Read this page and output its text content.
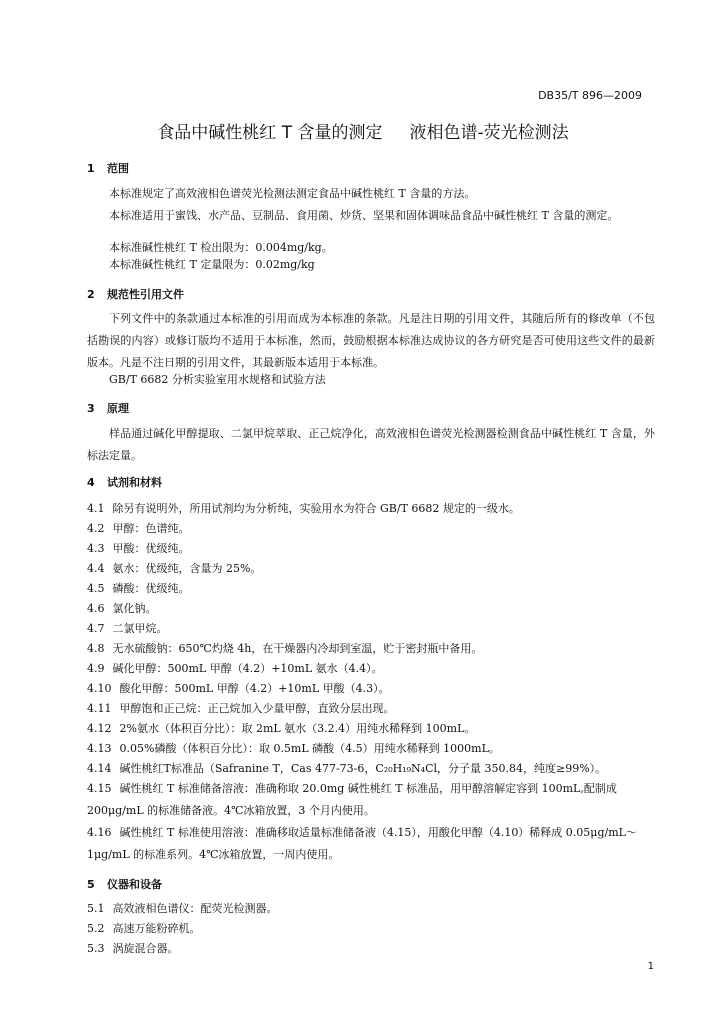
DB35/T 896—2009
食品中碱性桃红 T 含量的测定     液相色谱-荧光检测法
1 范围
本标准规定了高效液相色谱荧光检测法测定食品中碱性桃红 T 含量的方法。
本标准适用于蜜饯、水产品、豆制品、食用菌、炒货、坚果和固体调味品食品中碱性桃红 T 含量的测定。
本标准碱性桃红 T 检出限为：0.004mg/kg。
本标准碱性桃红 T 定量限为：0.02mg/kg
2 规范性引用文件
下列文件中的条款通过本标准的引用而成为本标准的条款。凡是注日期的引用文件，其随后所有的修改单（不包括勘误的内容）或修订版均不适用于本标准，然而，鼓励根据本标准达成协议的各方研究是否可使用这些文件的最新版本。凡是不注日期的引用文件，其最新版本适用于本标准。
GB/T 6682 分析实验室用水规格和试验方法
3 原理
样品通过碱化甲醇提取、二氯甲烷萃取、正己烷净化，高效液相色谱荧光检测器检测食品中碱性桃红 T 含量，外标法定量。
4 试剂和材料
4.1 除另有说明外，所用试剂均为分析纯，实验用水为符合 GB/T 6682 规定的一级水。
4.2 甲醇：色谱纯。
4.3 甲酸：优级纯。
4.4 氨水：优级纯，含量为 25%。
4.5 磷酸：优级纯。
4.6 氯化钠。
4.7 二氯甲烷。
4.8 无水硫酸钠：650℃灼烧 4h，在干燥器内冷却到室温，贮于密封瓶中备用。
4.9 碱化甲醇：500mL 甲醇（4.2）+10mL 氨水（4.4）。
4.10 酸化甲醇：500mL 甲醇（4.2）+10mL 甲酸（4.3）。
4.11 甲醇饱和正己烷：正己烷加入少量甲醇，直致分层出现。
4.12 2%氨水（体积百分比）：取 2mL 氨水（3.2.4）用纯水稀释到 100mL。
4.13 0.05%磷酸（体积百分比）：取 0.5mL 磷酸（4.5）用纯水稀释到 1000mL。
4.14 碱性桃红T标准品（Safranine T，Cas 477-73-6，C₂₀H₁₉N₄Cl，分子量 350.84，纯度≥99%）。
4.15 碱性桃红 T 标准储备溶液：准确称取 20.0mg 碱性桃红 T 标准品，用甲醇溶解定容到 100mL,配制成 200μg/mL 的标准储备液。4℃冰箱放置，3 个月内使用。
4.16 碱性桃红 T 标准使用溶液：准确移取适量标准储备液（4.15），用酸化甲醇（4.10）稀释成 0.05μg/mL～1μg/mL 的标准系列。4℃冰箱放置，一周内使用。
5 仪器和设备
5.1 高效液相色谱仪：配荧光检测器。
5.2 高速万能粉碎机。
5.3 涡旋混合器。
1
